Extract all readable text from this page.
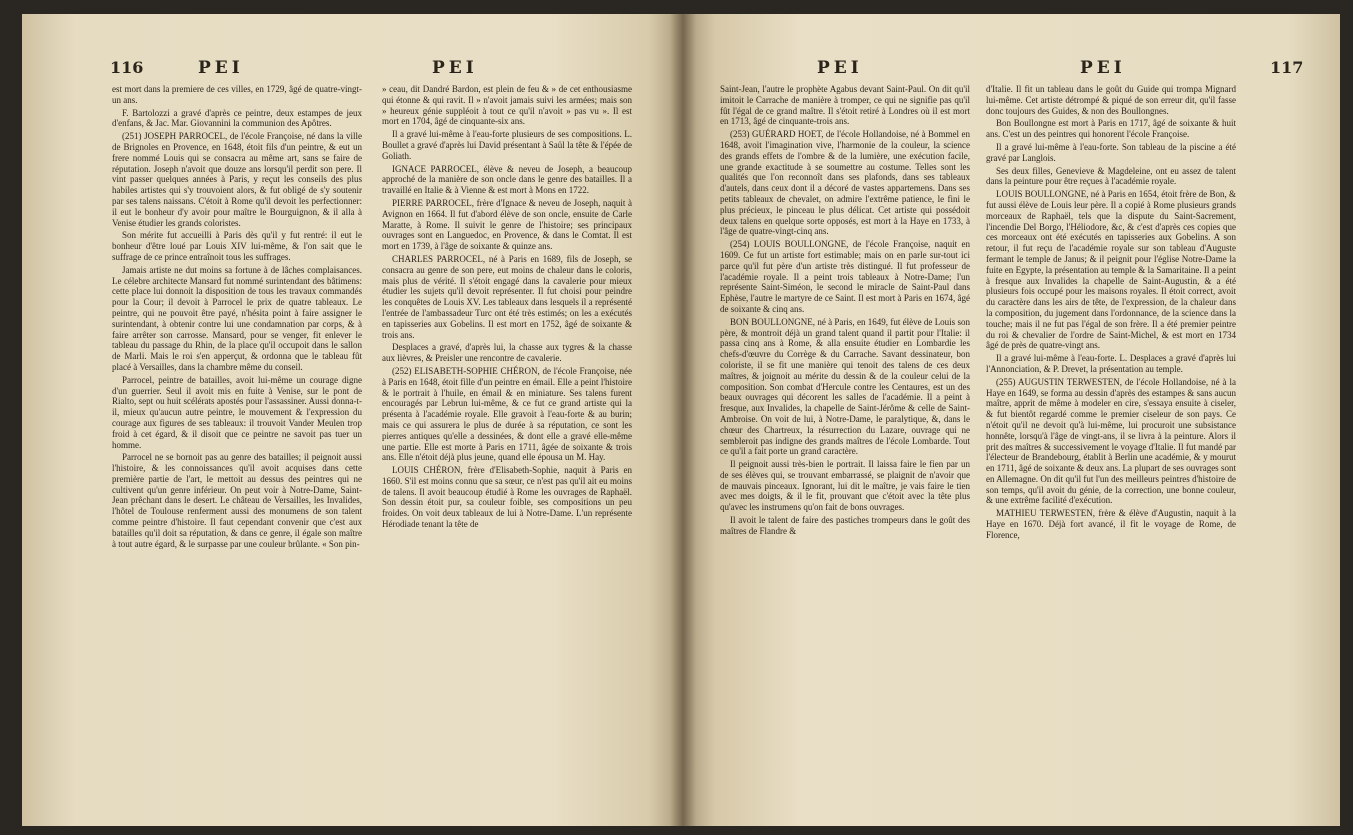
116	PEI	PEI

est mort dans la premiere de ces villes, en 1729, âgé de quatre-vingt-un ans.

F. Bartolozzi a gravé d'après ce peintre, deux estampes de jeux d'enfans, & Jac. Mar. Giovannini la communion des Apôtres.

(251) JOSEPH PARROCEL, de l'école Françoise, né dans la ville de Brignoles en Provence, en 1648, étoit fils d'un peintre, & eut un frere nommé Louis qui se consacra au même art, sans se faire de réputation. Joseph n'avoit que douze ans lorsqu'il perdit son pere. Il vint passer quelques années à Paris, y reçut les conseils des plus habiles artistes qui s'y trouvoient alors, & fut obligé de s'y soutenir par ses talens naissans. C'étoit à Rome qu'il devoit les perfectionner: il eut le bonheur d'y avoir pour maître le Bourguignon, & il alla à Venise étudier les grands coloristes.

Son mérite fut accueilli à Paris dès qu'il y fut rentré: il eut le bonheur d'être loué par Louis XIV lui-même, & l'on sait que le suffrage de ce prince entraînoit tous les suffrages.

Jamais artiste ne dut moins sa fortune à de lâches complaisances. Le célebre architecte Mansard fut nommé surintendant des bâtimens: cette place lui donnoit la disposition de tous les travaux commandés pour la Cour; il devoit à Parrocel le prix de quatre tableaux. Le peintre, qui ne pouvoit être payé, n'hésita point à faire assigner le surintendant, à obtenir contre lui une condamnation par corps, & à faire arrêter son carrosse. Mansard, pour se venger, fit enlever le tableau du passage du Rhin, de la place qu'il occupoit dans le sallon de Marli. Mais le roi s'en apperçut, & ordonna que le tableau fût placé à Versailles, dans la chambre même du conseil.

Parrocel, peintre de batailles, avoit lui-même un courage digne d'un guerrier. Seul il avoit mis en fuite à Venise, sur le pont de Rialto, sept ou huit scélérats apostés pour l'assassiner. Aussi donna-t-il, mieux qu'aucun autre peintre, le mouvement & l'expression du courage aux figures de ses tableaux: il trouvoit Vander Meulen trop froid à cet égard, & il disoit que ce peintre ne savoit pas tuer un homme.

Parrocel ne se bornoit pas au genre des batailles; il peignoit aussi l'histoire, & les connoissances qu'il avoit acquises dans cette première partie de l'art, le mettoit au dessus des peintres qui ne cultivent qu'un genre inférieur. On peut voir à Notre-Dame, Saint-Jean prêchant dans le desert. Le château de Versailles, les Invalides, l'hôtel de Toulouse renferment aussi des monumens de son talent comme peintre d'histoire. Il faut cependant convenir que c'est aux batailles qu'il doit sa réputation, & dans ce genre, il égale son maître à tout autre égard, & le surpasse par une couleur brûlante. « Son pin-

» ceau, dit Dandré Bardon, est plein de feu & » de cet enthousiasme qui étonne & qui ravit. Il » n'avoit jamais suivi les armées; mais son » heureux génie suppléoit à tout ce qu'il n'avoit » pas vu ». Il est mort en 1704, âgé de cinquante-six ans.

Il a gravé lui-même à l'eau-forte plusieurs de ses compositions. L. Boullet a gravé d'après lui David présentant à Saül la tête & l'épée de Goliath.

IGNACE PARROCEL, élève & neveu de Joseph, a beaucoup approché de la manière de son oncle dans le genre des batailles. Il a travaillé en Italie & à Vienne & est mort à Mons en 1722.

PIERRE PARROCEL, frère d'Ignace & neveu de Joseph, naquit à Avignon en 1664. Il fut d'abord élève de son oncle, ensuite de Carle Maratte, à Rome. Il suivit le genre de l'histoire; ses principaux ouvrages sont en Languedoc, en Provence, & dans le Comtat. Il est mort en 1739, à l'âge de soixante & quinze ans.

CHARLES PARROCEL, né à Paris en 1689, fils de Joseph, se consacra au genre de son pere, eut moins de chaleur dans le coloris, mais plus de vérité. Il s'étoit engagé dans la cavalerie pour mieux étudier les sujets qu'il devoit représenter. Il fut choisi pour peindre les conquêtes de Louis XV. Les tableaux dans lesquels il a représenté l'entrée de l'ambassadeur Turc ont été très estimés; on les a exécutés en tapisseries aux Gobelins. Il est mort en 1752, âgé de soixante & trois ans.

Desplaces a gravé, d'après lui, la chasse aux tygres & la chasse aux lièvres, & Preisler une rencontre de cavalerie.

(252) ELISABETH-SOPHIE CHÉRON, de l'école Françoise, née à Paris en 1648, étoit fille d'un peintre en émail. Elle a peint l'histoire & le portrait à l'huile, en émail & en miniature. Ses talens furent encouragés par Lebrun lui-même, & ce fut ce grand artiste qui la présenta à l'académie royale. Elle gravoit à l'eau-forte & au burin; mais ce qui assurera le plus de durée à sa réputation, ce sont les pierres antiques qu'elle a dessinées, & dont elle a gravé elle-même une partie. Elle est morte à Paris en 1711, âgée de soixante & trois ans. Elle n'étoit déjà plus jeune, quand elle épousa un M. Hay.

LOUIS CHÉRON, frère d'Elisabeth-Sophie, naquit à Paris en 1660. S'il est moins connu que sa sœur, ce n'est pas qu'il ait eu moins de talens. Il avoit beaucoup étudié à Rome les ouvrages de Raphaël. Son dessin étoit pur, sa couleur foible, ses compositions un peu froides. On voit deux tableaux de lui à Notre-Dame. L'un représente Hérodiade tenant la tête de

PEI	PEI	117

Saint-Jean, l'autre le prophète Agabus devant Saint-Paul. On dit qu'il imitoit le Carrache de manière à tromper, ce qui ne signifie pas qu'il fût l'égal de ce grand maître. Il s'étoit retiré à Londres où il est mort en 1713, âgé de cinquante-trois ans.

(253) GUÉRARD HOET, de l'école Hollandoise, né à Bommel en 1648, avoit l'imagination vive, l'harmonie de la couleur, la science des grands effets de l'ombre & de la lumière, une exécution facile, une grande exactitude à se soumettre au costume. Telles sont les qualités que l'on reconnoît dans ses plafonds, dans ses tableaux d'autels, dans ceux dont il a décoré de vastes appartemens. Dans ses petits tableaux de chevalet, on admire l'extrême patience, le fini le plus précieux, le pinceau le plus délicat. Cet artiste qui possédoit deux talens en quelque sorte opposés, est mort à la Haye en 1733, à l'âge de quatre-vingt-cinq ans.

(254) LOUIS BOULLONGNE, de l'école Françoise, naquit en 1609. Ce fut un artiste fort estimable; mais on en parle sur-tout ici parce qu'il fut père d'un artiste très distingué. Il fut professeur de l'académie royale. Il a peint trois tableaux à Notre-Dame; l'un représente Saint-Siméon, le second le miracle de Saint-Paul dans Ephèse, l'autre le martyre de ce Saint. Il est mort à Paris en 1674, âgé de soixante & cinq ans.

BON BOULLONGNE, né à Paris, en 1649, fut élève de Louis son père, & montroit déjà un grand talent quand il partit pour l'Italie: il passa cinq ans à Rome, & alla ensuite étudier en Lombardie les chefs-d'œuvre du Corrège & du Carrache. Savant dessinateur, bon coloriste, il se fit une manière qui tenoit des talens de ces deux maîtres, & joignoit au mérite du dessin & de la couleur celui de la composition. Son combat d'Hercule contre les Centaures, est un des beaux ouvrages qui décorent les salles de l'académie. Il a peint à fresque, aux Invalides, la chapelle de Saint-Jérôme & celle de Saint-Ambroise. On voit de lui, à Notre-Dame, le paralytique, &, dans le chœur des Chartreux, la résurrection du Lazare, ouvrage qui ne sembleroit pas indigne des grands maîtres de l'école Lombarde. Tout ce qu'il a fait porte un grand caractère.

Il peignoit aussi très-bien le portrait. Il laissa faire le fien par un de ses élèves qui, se trouvant embarrassé, se plaignit de n'avoir que de mauvais pinceaux. Ignorant, lui dit le maître, je vais faire le tien avec mes doigts, & il le fit, prouvant que c'étoit avec la tête plus qu'avec les instrumens qu'on fait de bons ouvrages.

Il avoit le talent de faire des pastiches trompeurs dans le goût des maîtres de Flandre &

d'Italie. Il fit un tableau dans le goût du Guide qui trompa Mignard lui-même. Cet artiste détrompé & piqué de son erreur dit, qu'il fasse donc toujours des Guides, & non des Boullongnes.

Bon Boullongne est mort à Paris en 1717, âgé de soixante & huit ans. C'est un des peintres qui honorent l'école Françoise.

Il a gravé lui-même à l'eau-forte. Son tableau de la piscine a été gravé par Langlois.

Ses deux filles, Genevieve & Magdeleine, ont eu assez de talent dans la peinture pour être reçues à l'académie royale.

LOUIS BOULLONGNE, né à Paris en 1654, étoit frère de Bon, & fut aussi élève de Louis leur père. Il a copié à Rome plusieurs grands morceaux de Raphaël, tels que la dispute du Saint-Sacrement, l'incendie Del Borgo, l'Héliodore, &c, & c'est d'après ces copies que ces morceaux ont été exécutés en tapisseries aux Gobelins. A son retour, il fut reçu de l'académie royale sur son tableau d'Auguste fermant le temple de Janus; & il peignit pour l'église Notre-Dame la fuite en Egypte, la présentation au temple & la Samaritaine. Il a peint à fresque aux Invalides la chapelle de Saint-Augustin, & a été plusieurs fois occupé pour les maisons royales. Il étoit correct, avoit du caractère dans les airs de tête, de l'expression, de la chaleur dans la composition, du jugement dans l'ordonnance, de la science dans la touche; mais il ne fut pas l'égal de son frère. Il a été premier peintre du roi & chevalier de l'ordre de Saint-Michel, & est mort en 1734 âgé de près de quatre-vingt ans.

Il a gravé lui-même à l'eau-forte. L. Desplaces a gravé d'après lui l'Annonciation, & P. Drevet, la présentation au temple.

(255) AUGUSTIN TERWESTEN, de l'école Hollandoise, né à la Haye en 1649, se forma au dessin d'après des estampes & sans aucun maître, apprit de même à modeler en cire, s'essaya ensuite à ciseler, & fut bientôt regardé comme le premier ciseleur de son pays. Ce n'étoit qu'il ne devoit qu'à lui-même, lui procuroit une subsistance honnête, lorsqu'à l'âge de vingt-ans, il se livra à la peinture. Alors il prit des maîtres & successivement le voyage d'Italie. Il fut mandé par l'électeur de Brandebourg, établit à Berlin une académie, & y mourut en 1711, âgé de soixante & deux ans. La plupart de ses ouvrages sont en Allemagne. On dit qu'il fut l'un des meilleurs peintres d'histoire de son temps, qu'il avoit du génie, de la correction, une bonne couleur, & une extrême facilité d'exécution.

MATHIEU TERWESTEN, frère & élève d'Augustin, naquit à la Haye en 1670. Déjà fort avancé, il fit le voyage de Rome, de Florence,
